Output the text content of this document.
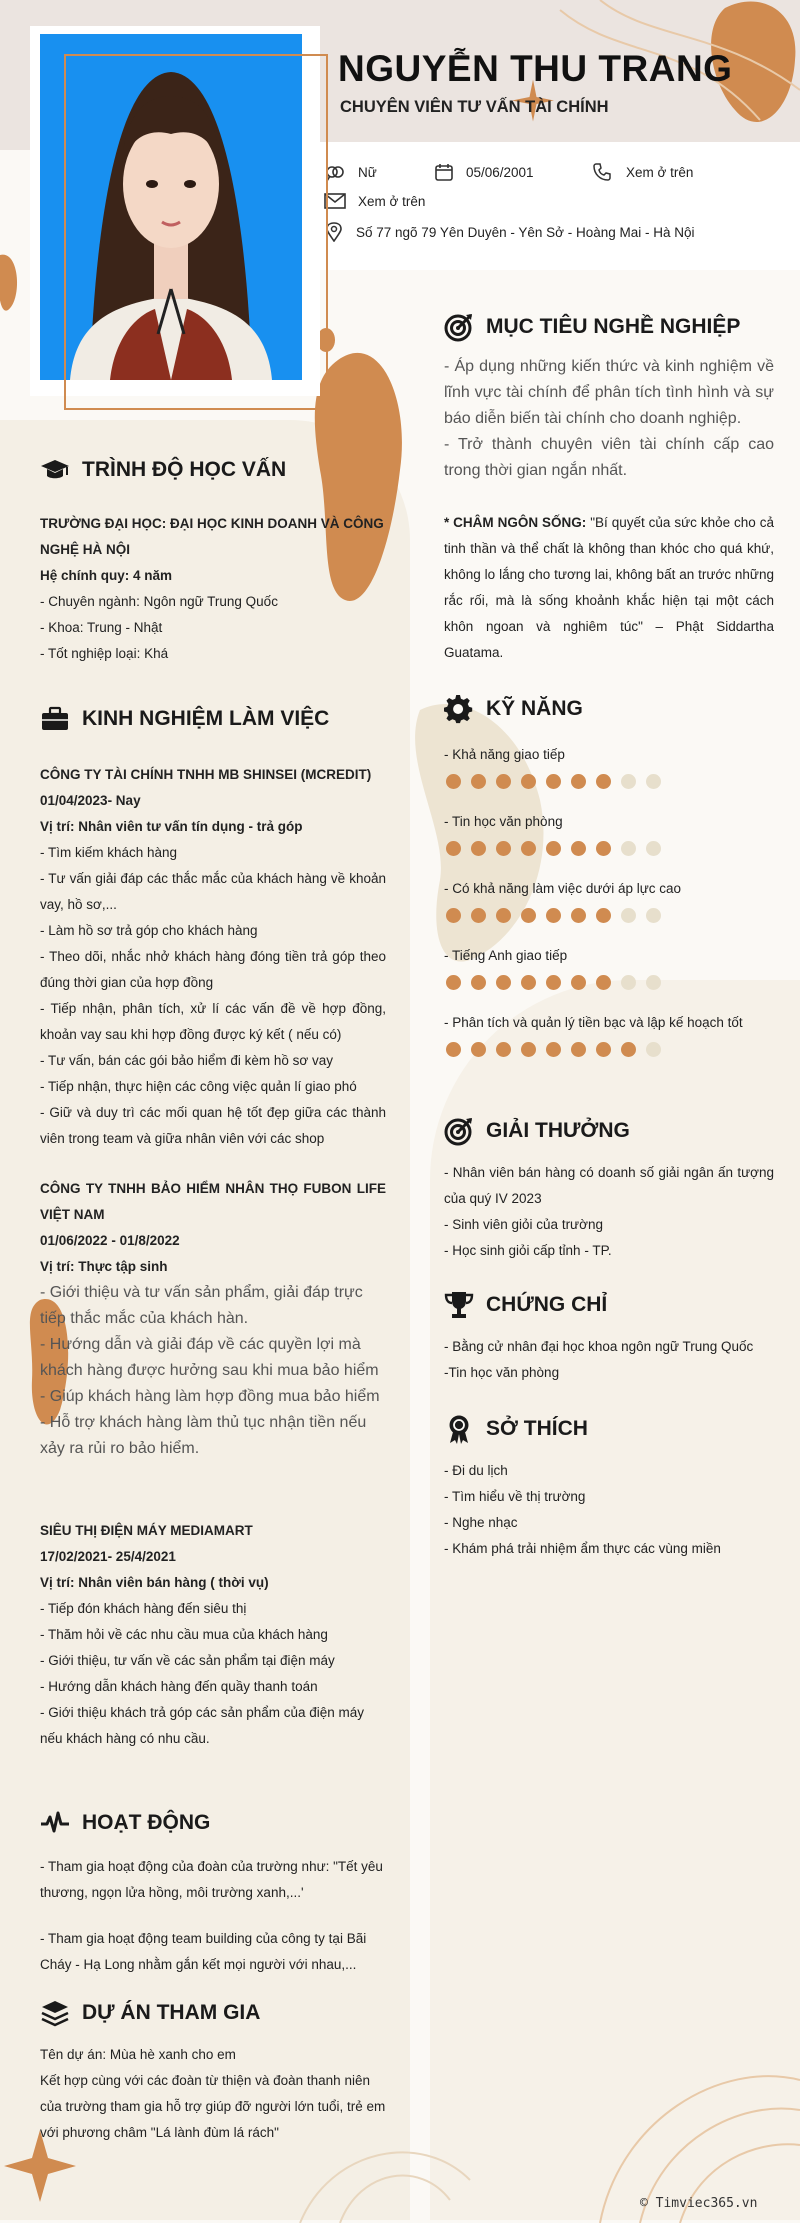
NGUYỄN THU TRANG
CHUYÊN VIÊN TƯ VẤN TÀI CHÍNH
Nữ	05/06/2001	Xem ở trên
Xem ở trên
Số 77 ngõ 79 Yên Duyên - Yên Sở - Hoàng Mai - Hà Nội
TRÌNH ĐỘ HỌC VẤN

TRƯỜNG ĐẠI HỌC: ĐẠI HỌC KINH DOANH VÀ CÔNG NGHỆ HÀ NỘI

Hệ chính quy: 4 năm

- Chuyên ngành: Ngôn ngữ Trung Quốc

- Khoa: Trung - Nhật

- Tốt nghiệp loại: Khá

KINH NGHIỆM LÀM VIỆC

CÔNG TY TÀI CHÍNH TNHH MB SHINSEI (MCREDIT)

01/04/2023- Nay

Vị trí: Nhân viên tư vấn tín dụng - trả góp

- Tìm kiếm khách hàng

- Tư vấn giải đáp các thắc mắc của khách hàng về khoản vay, hồ sơ,...

- Làm hồ sơ trả góp cho khách hàng

- Theo dõi, nhắc nhở khách hàng đóng tiền trả góp theo đúng thời gian của hợp đồng

- Tiếp nhận, phân tích, xử lí các vấn đề về hợp đồng, khoản vay sau khi hợp đồng được ký kết ( nếu có)

- Tư vấn, bán các gói bảo hiểm đi kèm hồ sơ vay

- Tiếp nhận, thực hiện các công việc quản lí giao phó

- Giữ và duy trì các mối quan hệ tốt đẹp giữa các thành viên trong team và giữa nhân viên với các shop

CÔNG TY TNHH BẢO HIỂM NHÂN THỌ FUBON LIFE VIỆT NAM

01/06/2022 - 01/8/2022

Vị trí: Thực tập sinh

- Giới thiệu và tư vấn sản phẩm, giải đáp trực tiếp thắc mắc của khách hàn.

- Hướng dẫn và giải đáp về các quyền lợi mà khách hàng được hưởng sau khi mua bảo hiểm

- Giúp khách hàng làm hợp đồng mua bảo hiểm

- Hỗ trợ khách hàng làm thủ tục nhận tiền nếu xảy ra rủi ro bảo hiểm.

SIÊU THỊ ĐIỆN MÁY MEDIAMART

17/02/2021- 25/4/2021

Vị trí: Nhân viên bán hàng ( thời vụ)

- Tiếp đón khách hàng đến siêu thị

- Thăm hỏi về các nhu cầu mua của khách hàng

- Giới thiệu, tư vấn về các sản phẩm tại điện máy

- Hướng dẫn khách hàng đến quầy thanh toán

- Giới thiệu khách trả góp các sản phẩm của điện máy nếu khách hàng có nhu cầu.

HOẠT ĐỘNG

- Tham gia hoạt động của đoàn của trường như: "Tết yêu thương, ngọn lửa hồng, môi trường xanh,...'

- Tham gia hoạt động team building của công ty tại Bãi Cháy - Hạ Long nhằm gắn kết mọi người với nhau,...

DỰ ÁN THAM GIA

Tên dự án: Mùa hè xanh cho em

Kết hợp cùng với các đoàn từ thiện và đoàn thanh niên của trường tham gia hỗ trợ giúp đỡ người lớn tuổi, trẻ em với phương châm "Lá lành đùm lá rách"

MỤC TIÊU NGHỀ NGHIỆP

- Áp dụng những kiến thức và kinh nghiệm về lĩnh vực tài chính để phân tích tình hình và sự báo diễn biến tài chính cho doanh nghiệp.

- Trở thành chuyên viên tài chính cấp cao trong thời gian ngắn nhất.

* CHÂM NGÔN SỐNG: "Bí quyết của sức khỏe cho cả tinh thần và thể chất là không than khóc cho quá khứ, không lo lắng cho tương lai, không bất an trước những rắc rối, mà là sống khoảnh khắc hiện tại một cách khôn ngoan và nghiêm túc" – Phật Siddartha Guatama.
KỸ NĂNG
- Khả năng giao tiếp
- Tin học văn phòng
- Có khả năng làm việc dưới áp lực cao
- Tiếng Anh giao tiếp
- Phân tích và quản lý tiền bạc và lập kế hoạch tốt
GIẢI THƯỞNG

- Nhân viên bán hàng có doanh số giải ngân ấn tượng của quý IV 2023

- Sinh viên giỏi của trường

- Học sinh giỏi cấp tỉnh - TP.

CHỨNG CHỈ

- Bằng cử nhân đại học khoa ngôn ngữ Trung Quốc

-Tin học văn phòng

SỞ THÍCH

- Đi du lịch

- Tìm hiểu về thị trường

- Nghe nhạc

- Khám phá trải nhiệm ẩm thực các vùng miền

© Timviec365.vn
